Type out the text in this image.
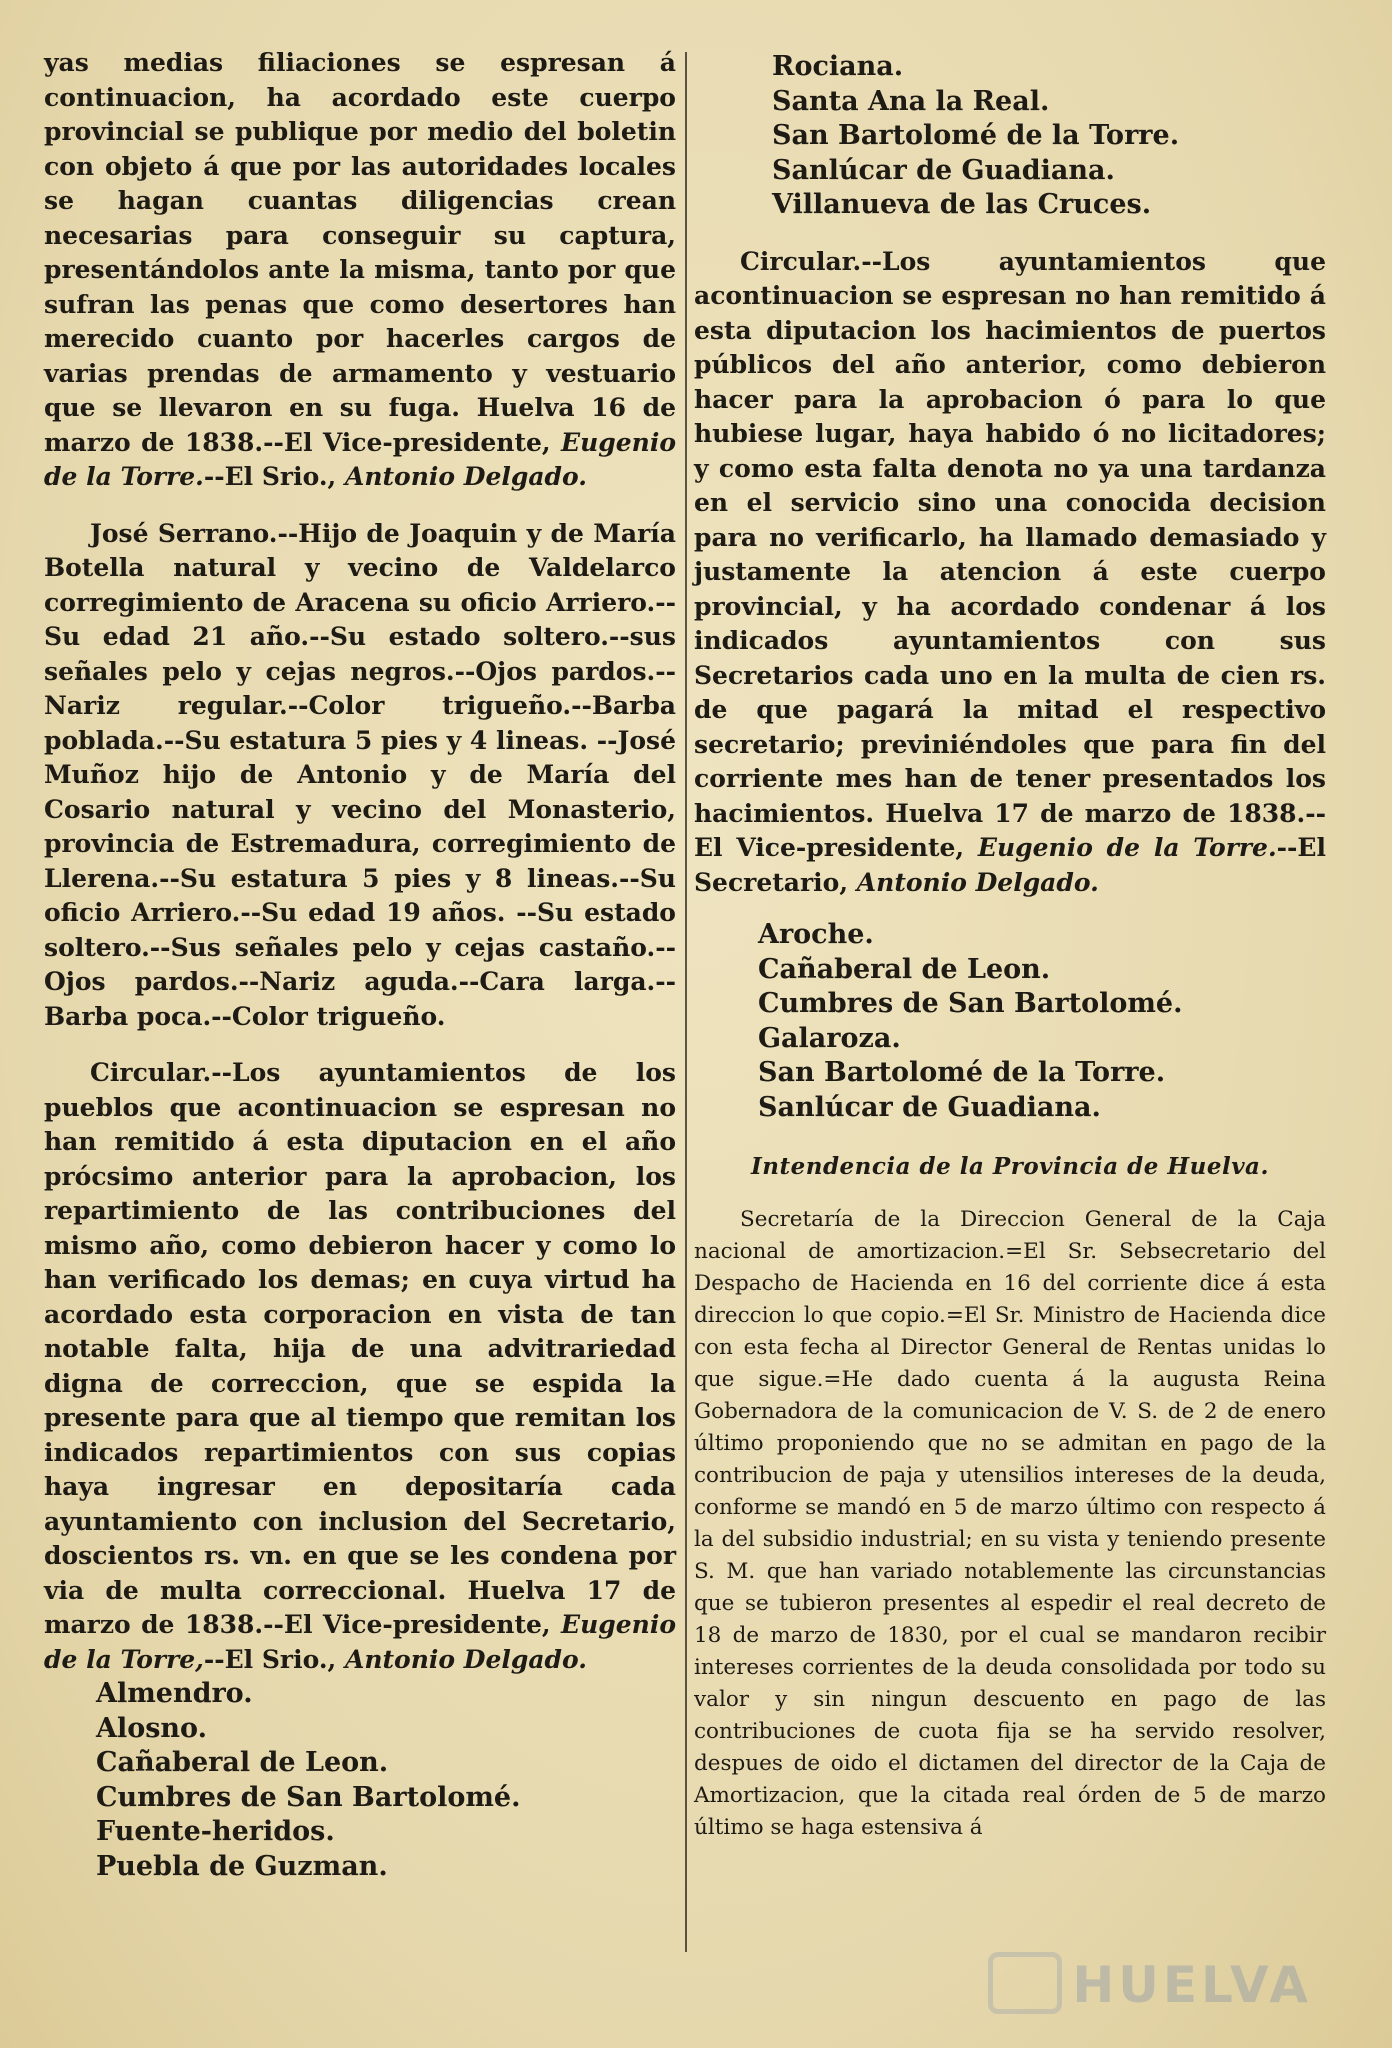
yas medias filiaciones se espresan á continuacion, ha acordado este cuerpo provincial se publique por medio del boletin con objeto á que por las autoridades locales se hagan cuantas diligencias crean necesarias para conseguir su captura, presentándolos ante la misma, tanto por que sufran las penas que como desertores han merecido cuanto por hacerles cargos de varias prendas de armamento y vestuario que se llevaron en su fuga. Huelva 16 de marzo de 1838.--El Vice-presidente, Eugenio de la Torre.--El Srio., Antonio Delgado.

José Serrano.--Hijo de Joaquin y de María Botella natural y vecino de Valdelarco corregimiento de Aracena su oficio Arriero.--Su edad 21 año.--Su estado soltero.--sus señales pelo y cejas negros.--Ojos pardos.--Nariz regular.--Color trigueño.--Barba poblada.--Su estatura 5 pies y 4 lineas. --José Muñoz hijo de Antonio y de María del Cosario natural y vecino del Monasterio, provincia de Estremadura, corregimiento de Llerena.--Su estatura 5 pies y 8 lineas.--Su oficio Arriero.--Su edad 19 años. --Su estado soltero.--Sus señales pelo y cejas castaño.--Ojos pardos.--Nariz aguda.--Cara larga.--Barba poca.--Color trigueño.

Circular.--Los ayuntamientos de los pueblos que acontinuacion se espresan no han remitido á esta diputacion en el año prócsimo anterior para la aprobacion, los repartimiento de las contribuciones del mismo año, como debieron hacer y como lo han verificado los demas; en cuya virtud ha acordado esta corporacion en vista de tan notable falta, hija de una advitrariedad digna de correccion, que se espida la presente para que al tiempo que remitan los indicados repartimientos con sus copias haya ingresar en depositaría cada ayuntamiento con inclusion del Secretario, doscientos rs. vn. en que se les condena por via de multa correccional. Huelva 17 de marzo de 1838.--El Vice-presidente, Eugenio de la Torre,--El Srio., Antonio Delgado.

Almendro.
Alosno.
Cañaberal de Leon.
Cumbres de San Bartolomé.
Fuente-heridos.
Puebla de Guzman.
Rociana.
Santa Ana la Real.
San Bartolomé de la Torre.
Sanlúcar de Guadiana.
Villanueva de las Cruces.

Circular.--Los ayuntamientos que acontinuacion se espresan no han remitido á esta diputacion los hacimientos de puertos públicos del año anterior, como debieron hacer para la aprobacion ó para lo que hubiese lugar, haya habido ó no licitadores; y como esta falta denota no ya una tardanza en el servicio sino una conocida decision para no verificarlo, ha llamado demasiado y justamente la atencion á este cuerpo provincial, y ha acordado condenar á los indicados ayuntamientos con sus Secretarios cada uno en la multa de cien rs. de que pagará la mitad el respectivo secretario; previniéndoles que para fin del corriente mes han de tener presentados los hacimientos. Huelva 17 de marzo de 1838.--El Vice-presidente, Eugenio de la Torre.--El Secretario, Antonio Delgado.

Aroche.
Cañaberal de Leon.
Cumbres de San Bartolomé.
Galaroza.
San Bartolomé de la Torre.
Sanlúcar de Guadiana.
Intendencia de la Provincia de Huelva.

Secretaría de la Direccion General de la Caja nacional de amortizacion.=El Sr. Sebsecretario del Despacho de Hacienda en 16 del corriente dice á esta direccion lo que copio.=El Sr. Ministro de Hacienda dice con esta fecha al Director General de Rentas unidas lo que sigue.=He dado cuenta á la augusta Reina Gobernadora de la comunicacion de V. S. de 2 de enero último proponiendo que no se admitan en pago de la contribucion de paja y utensilios intereses de la deuda, conforme se mandó en 5 de marzo último con respecto á la del subsidio industrial; en su vista y teniendo presente S. M. que han variado notablemente las circunstancias que se tubieron presentes al espedir el real decreto de 18 de marzo de 1830, por el cual se mandaron recibir intereses corrientes de la deuda consolidada por todo su valor y sin ningun descuento en pago de las contribuciones de cuota fija se ha servido resolver, despues de oido el dictamen del director de la Caja de Amortizacion, que la citada real órden de 5 de marzo último se haga estensiva á

HUELVA
